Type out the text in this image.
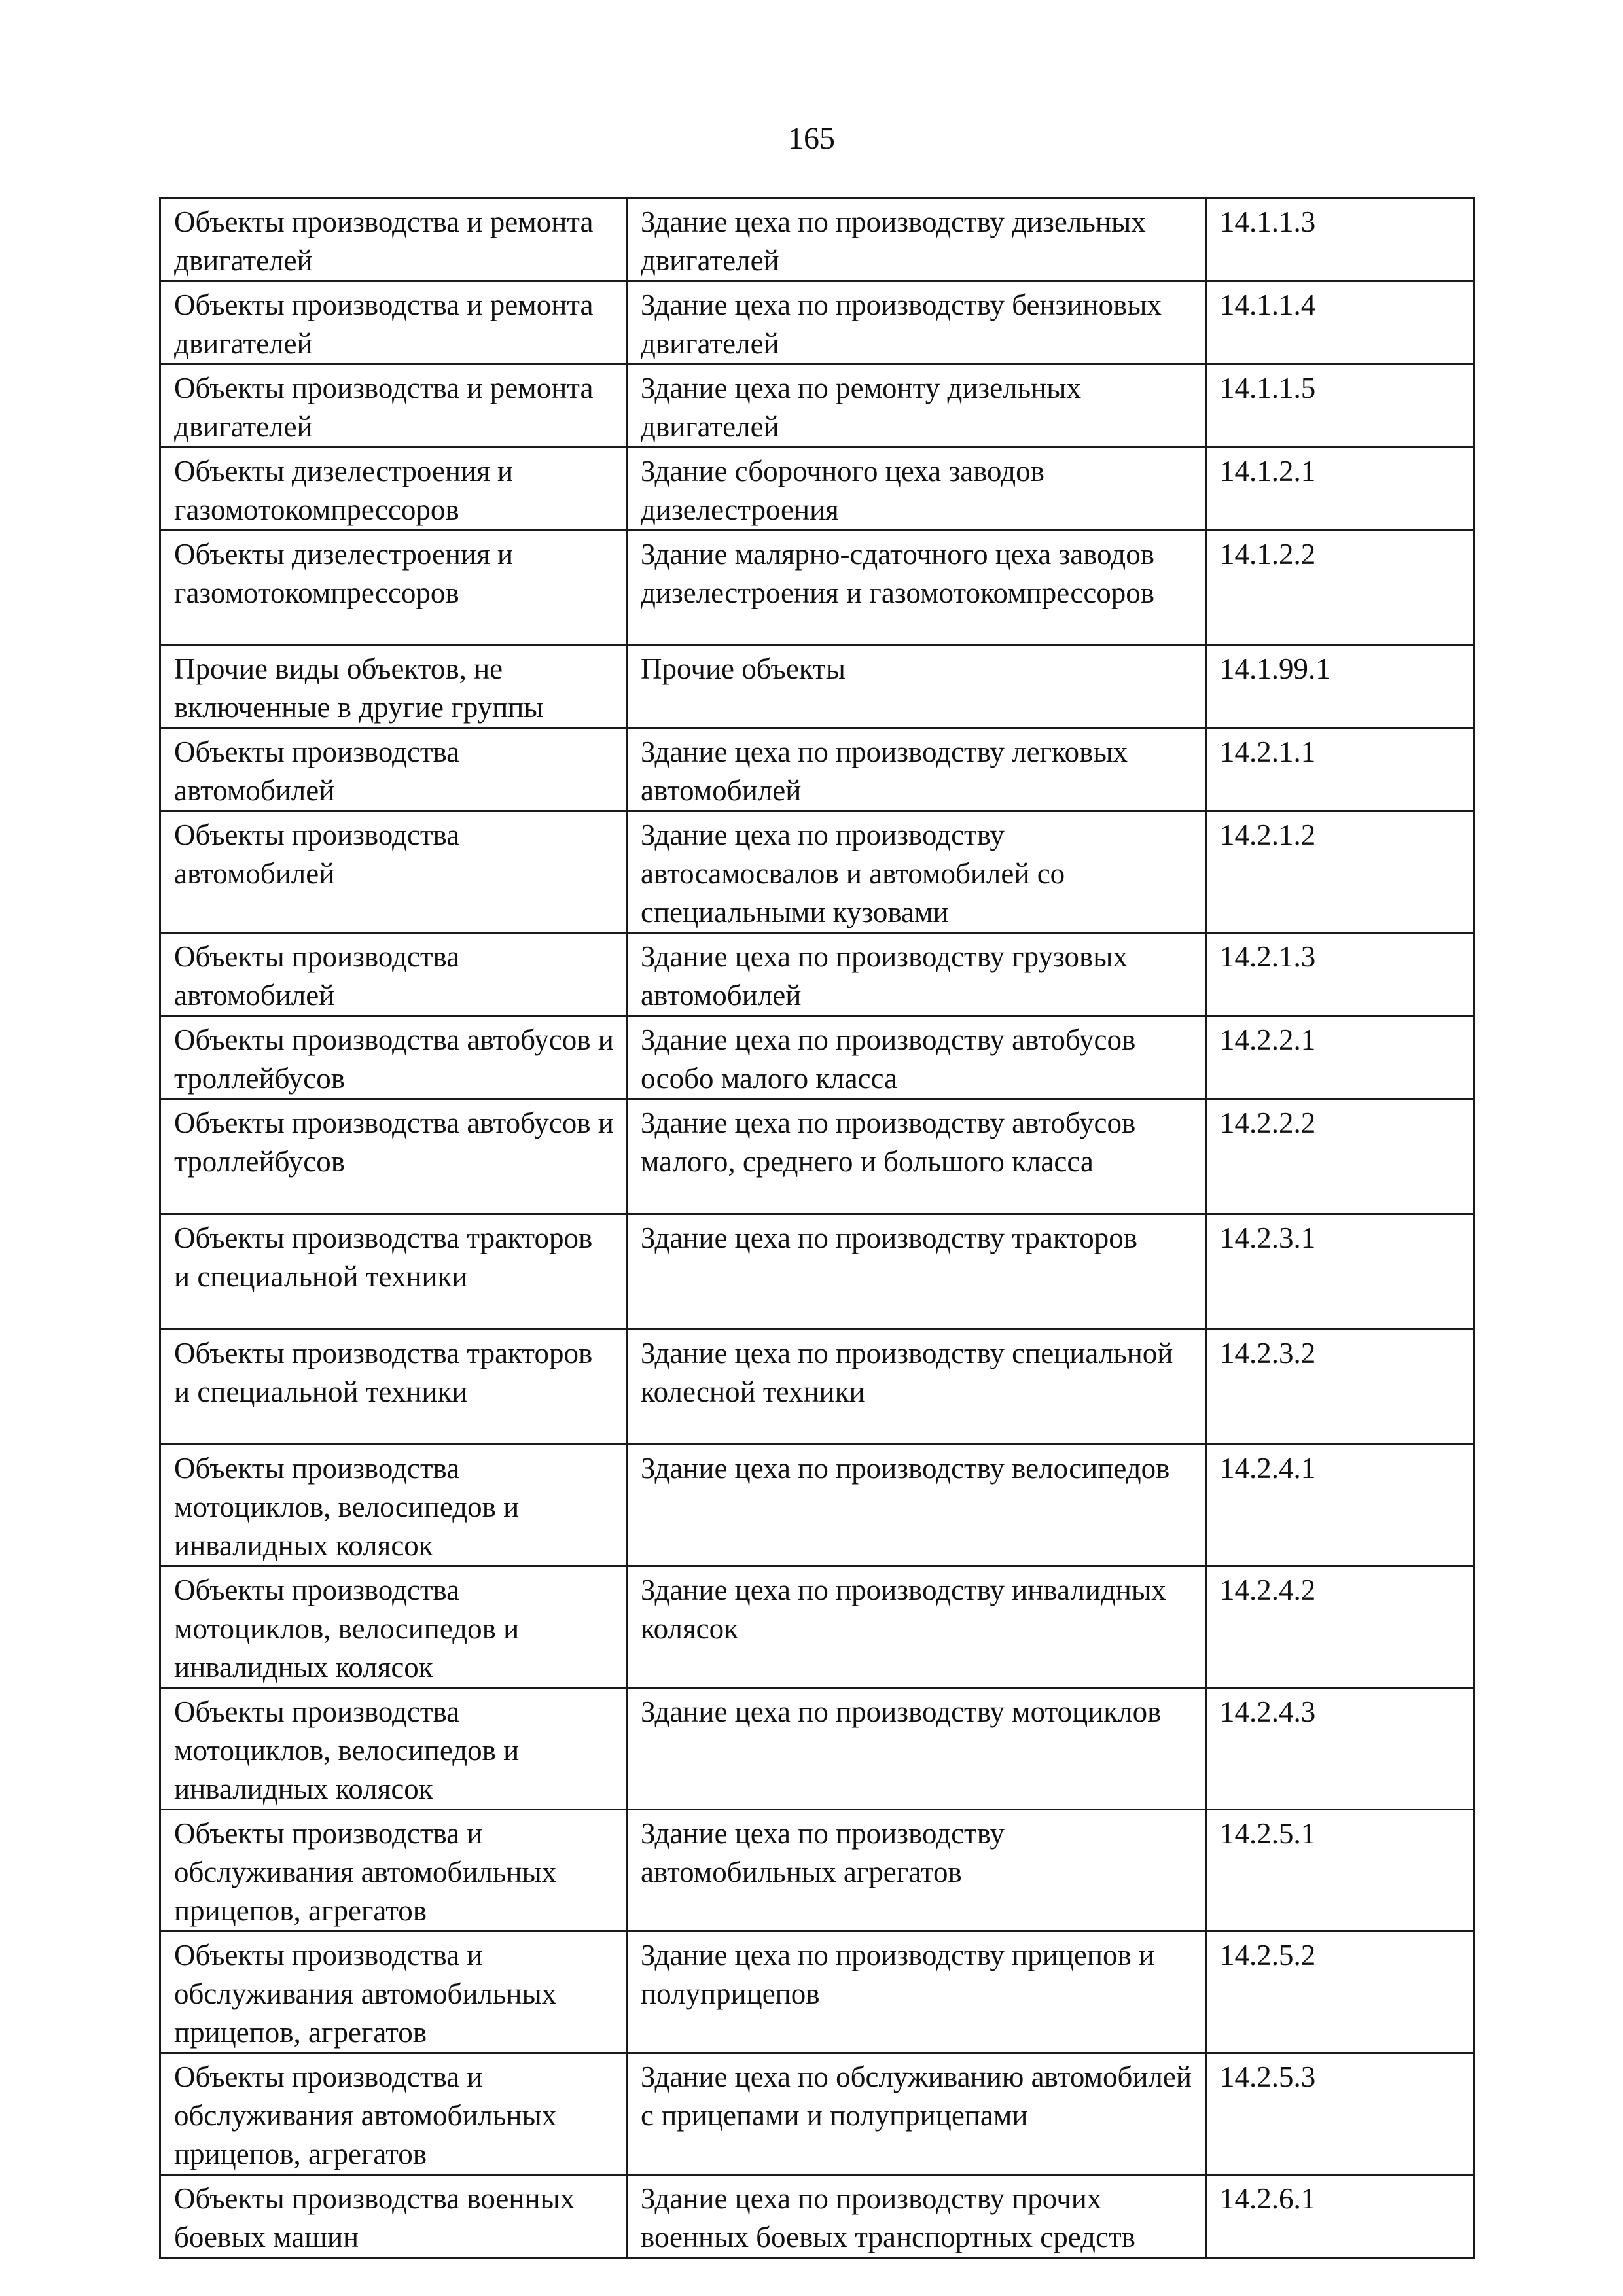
165
Объекты производства и ремонта двигателей	Здание цеха по производству дизельных двигателей	14.1.1.3
Объекты производства и ремонта двигателей	Здание цеха по производству бензиновых двигателей	14.1.1.4
Объекты производства и ремонта двигателей	Здание цеха по ремонту дизельных двигателей	14.1.1.5
Объекты дизелестроения и газомотокомпрессоров	Здание сборочного цеха заводов дизелестроения	14.1.2.1
Объекты дизелестроения и газомотокомпрессоров	Здание малярно-сдаточного цеха заводов дизелестроения и газомотокомпрессоров	14.1.2.2
Прочие виды объектов, не включенные в другие группы	Прочие объекты	14.1.99.1
Объекты производства автомобилей	Здание цеха по производству легковых автомобилей	14.2.1.1
Объекты производства автомобилей	Здание цеха по производству автосамосвалов и автомобилей со специальными кузовами	14.2.1.2
Объекты производства автомобилей	Здание цеха по производству грузовых автомобилей	14.2.1.3
Объекты производства автобусов и троллейбусов	Здание цеха по производству автобусов особо малого класса	14.2.2.1
Объекты производства автобусов и троллейбусов	Здание цеха по производству автобусов малого, среднего и большого класса	14.2.2.2
Объекты производства тракторов и специальной техники	Здание цеха по производству тракторов	14.2.3.1
Объекты производства тракторов и специальной техники	Здание цеха по производству специальной колесной техники	14.2.3.2
Объекты производства мотоциклов, велосипедов и инвалидных колясок	Здание цеха по производству велосипедов	14.2.4.1
Объекты производства мотоциклов, велосипедов и инвалидных колясок	Здание цеха по производству инвалидных колясок	14.2.4.2
Объекты производства мотоциклов, велосипедов и инвалидных колясок	Здание цеха по производству мотоциклов	14.2.4.3
Объекты производства и обслуживания автомобильных прицепов, агрегатов	Здание цеха по производству автомобильных агрегатов	14.2.5.1
Объекты производства и обслуживания автомобильных прицепов, агрегатов	Здание цеха по производству прицепов и полуприцепов	14.2.5.2
Объекты производства и обслуживания автомобильных прицепов, агрегатов	Здание цеха по обслуживанию автомобилей с прицепами и полуприцепами	14.2.5.3
Объекты производства военных боевых машин	Здание цеха по производству прочих военных боевых транспортных средств	14.2.6.1
